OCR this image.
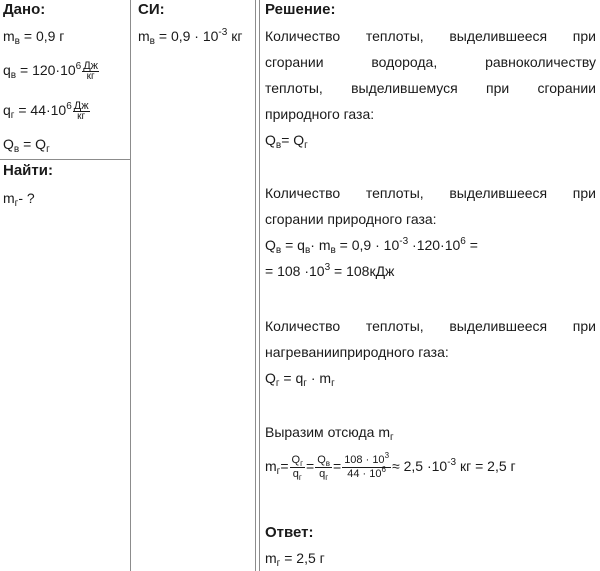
Дано:
$m_в = 0,9$ г
$q_в = 120\cdot 10^6$ Дж
кг
$q_г = 44\cdot 10^6$ Дж
кг
$Q_в = Q_г$
Найти:
$m_г-$ ?
СИ:
$m_в = 0,9 \cdot 10^{-3}$ кг
Решение:
Количество теплоты, выделившееся при
сгорании водорода, равноколичеству
теплоты, выделившемуся при сгорании
природного газа:
$Q_в= Q_г$
Количество теплоты, выделившееся при
сгорании природного газа:
$Q_в = q_в\cdot m_в = 0,9 \cdot 10^{-3} \cdot 120\cdot 10^6$ =
= $108 \cdot 10^3 = 108кДж$
Количество теплоты, выделившееся при
нагреванииприродного газа:
$Q_г = q_г \cdot m_г$
Выразим отсюда $m_г$
$m_г= \frac{Q_г}{q_г} = \frac{Q_в}{q_г} = \frac{108 \cdot 10^3}{44 \cdot 10^6} \approx 2,5 \cdot 10^{-3}$ кг = 2,5 г
Ответ:
$m_г = 2,5$ г
